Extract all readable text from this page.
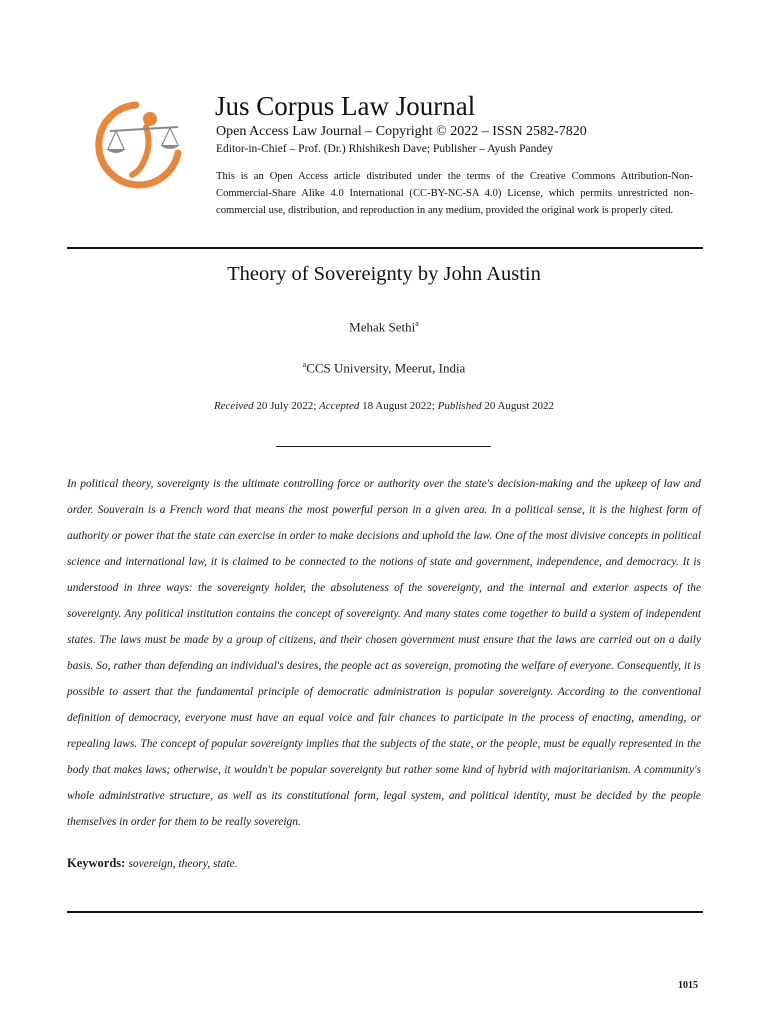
Jus Corpus Law Journal
Open Access Law Journal – Copyright © 2022 – ISSN 2582-7820
Editor-in-Chief – Prof. (Dr.) Rhishikesh Dave; Publisher – Ayush Pandey
This is an Open Access article distributed under the terms of the Creative Commons Attribution-Non-Commercial-Share Alike 4.0 International (CC-BY-NC-SA 4.0) License, which permits unrestricted non-commercial use, distribution, and reproduction in any medium, provided the original work is properly cited.
Theory of Sovereignty by John Austin
Mehak Sethi$^a$
$^a$CCS University, Meerut, India
Received 20 July 2022; Accepted 18 August 2022; Published 20 August 2022
In political theory, sovereignty is the ultimate controlling force or authority over the state's decision-making and the upkeep of law and order. Souverain is a French word that means the most powerful person in a given area. In a political sense, it is the highest form of authority or power that the state can exercise in order to make decisions and uphold the law. One of the most divisive concepts in political science and international law, it is claimed to be connected to the notions of state and government, independence, and democracy. It is understood in three ways: the sovereignty holder, the absoluteness of the sovereignty, and the internal and exterior aspects of the sovereignty. Any political institution contains the concept of sovereignty. And many states come together to build a system of independent states. The laws must be made by a group of citizens, and their chosen government must ensure that the laws are carried out on a daily basis. So, rather than defending an individual's desires, the people act as sovereign, promoting the welfare of everyone. Consequently, it is possible to assert that the fundamental principle of democratic administration is popular sovereignty. According to the conventional definition of democracy, everyone must have an equal voice and fair chances to participate in the process of enacting, amending, or repealing laws. The concept of popular sovereignty implies that the subjects of the state, or the people, must be equally represented in the body that makes laws; otherwise, it wouldn't be popular sovereignty but rather some kind of hybrid with majoritarianism. A community's whole administrative structure, as well as its constitutional form, legal system, and political identity, must be decided by the people themselves in order for them to be really sovereign.
Keywords: sovereign, theory, state.
1015
